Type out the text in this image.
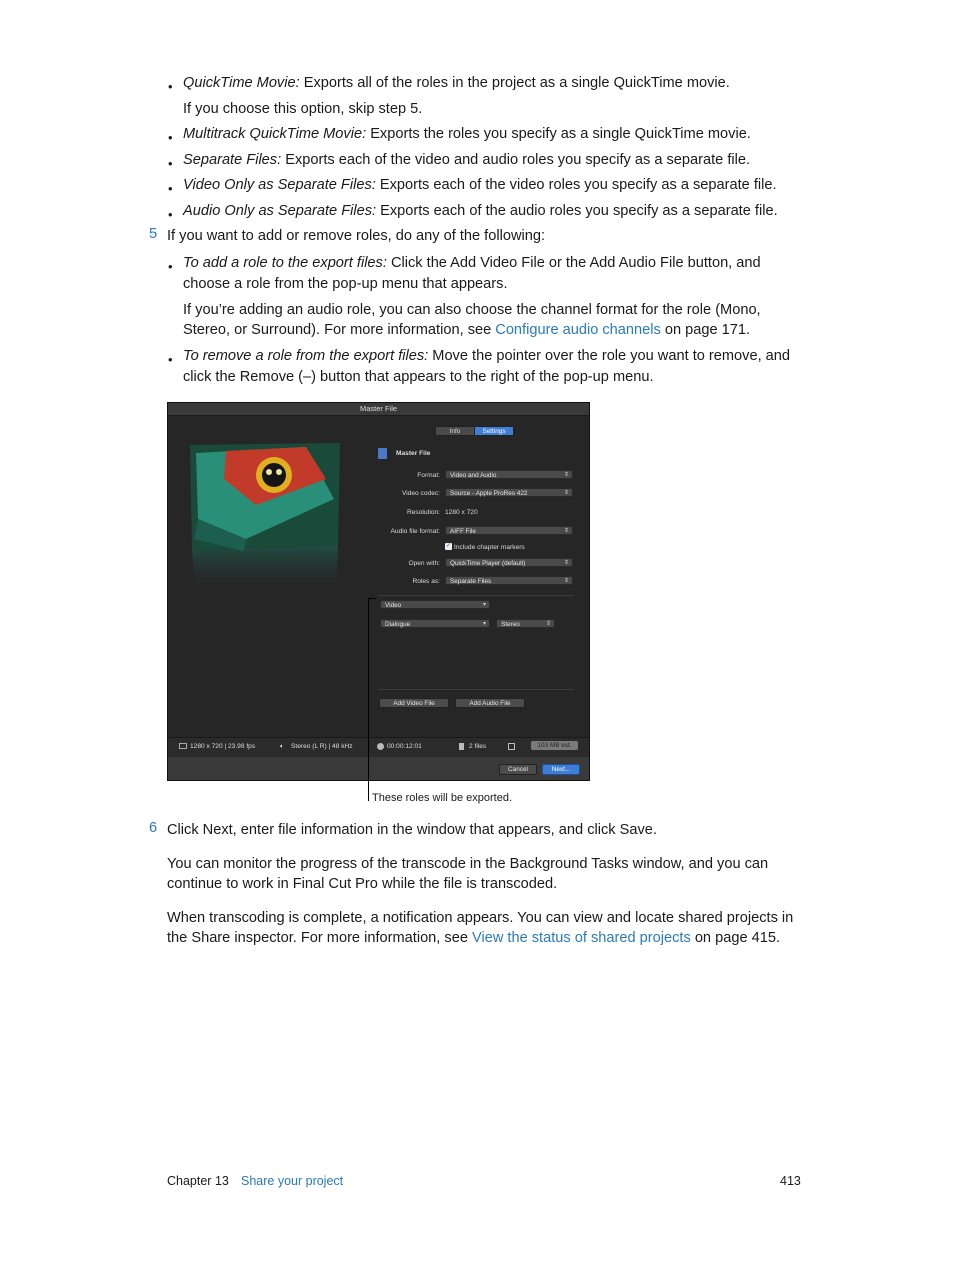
• QuickTime Movie: Exports all of the roles in the project as a single QuickTime movie.
If you choose this option, skip step 5.
• Multitrack QuickTime Movie: Exports the roles you specify as a single QuickTime movie.
• Separate Files: Exports each of the video and audio roles you specify as a separate file.
• Video Only as Separate Files: Exports each of the video roles you specify as a separate file.
• Audio Only as Separate Files: Exports each of the audio roles you specify as a separate file.
5 If you want to add or remove roles, do any of the following:
• To add a role to the export files: Click the Add Video File or the Add Audio File button, and
choose a role from the pop-up menu that appears.
If you’re adding an audio role, you can also choose the channel format for the role (Mono,
Stereo, or Surround). For more information, see Configure audio channels on page 171.
• To remove a role from the export files: Move the pointer over the role you want to remove, and
click the Remove (–) button that appears to the right of the pop-up menu.
Master File
Info	Settings
Master File
Format:	Video and Audio	⇕
Video codec:	Source - Apple ProRes 422	⇕
Resolution: 1280 x 720
Audio file format:	AIFF File	⇕
✓ Include chapter markers
Open with:	QuickTime Player (default)	⇕
Roles as:	Separate Files	⇕
Video	▾
Dialogue	▾	Stereo	⇕
Add Video File	Add Audio File
1280 x 720 | 23.98 fps	🔈︎ Stereo (L R) | 48 kHz	00:00:12:01	2 files	103 MB est.
Cancel	Next...
These roles will be exported.
6 Click Next, enter file information in the window that appears, and click Save.
You can monitor the progress of the transcode in the Background Tasks window, and you can
continue to work in Final Cut Pro while the file is transcoded.
When transcoding is complete, a notification appears. You can view and locate shared projects in
the Share inspector. For more information, see View the status of shared projects on page 415.
Chapter 13 Share your project	413
